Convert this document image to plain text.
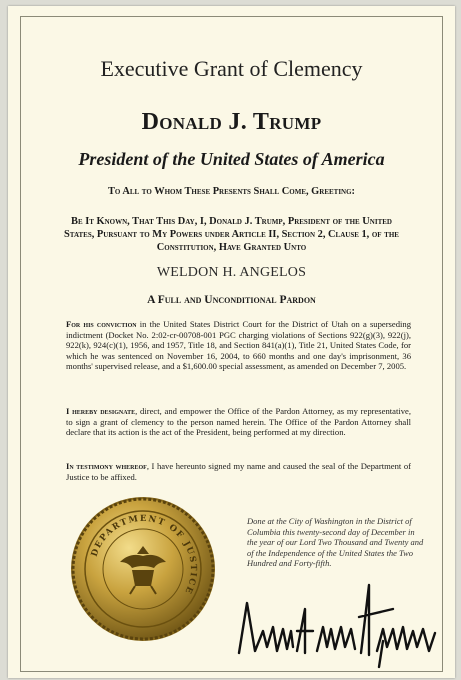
Executive Grant of Clemency
Donald J. Trump
President of the United States of America
To All to Whom These Presents Shall Come, Greeting:
Be It Known, That This Day, I, Donald J. Trump, President of the United States, Pursuant to My Powers under Article II, Section 2, Clause 1, of the Constitution, Have Granted Unto
WELDON H. ANGELOS
A Full and Unconditional Pardon
For his conviction in the United States District Court for the District of Utah on a superseding indictment (Docket No. 2:02-cr-00708-001 PGC charging violations of Sections 922(g)(3), 922(j), 922(k), 924(c)(1), 1956, and 1957, Title 18, and Section 841(a)(1), Title 21, United States Code, for which he was sentenced on November 16, 2004, to 660 months and one day's imprisonment, 36 months' supervised release, and a $1,600.00 special assessment, as amended on December 7, 2005.
I hereby designate, direct, and empower the Office of the Pardon Attorney, as my representative, to sign a grant of clemency to the person named herein. The Office of the Pardon Attorney shall declare that its action is the act of the President, being performed at my direction.
In testimony whereof, I have hereunto signed my name and caused the seal of the Department of Justice to be affixed.
DEPARTMENT OF JUSTICE
Done at the City of Washington in the District of Columbia this twenty-second day of December in the year of our Lord Two Thousand and Twenty and of the Independence of the United States the Two Hundred and Forty-fifth.
